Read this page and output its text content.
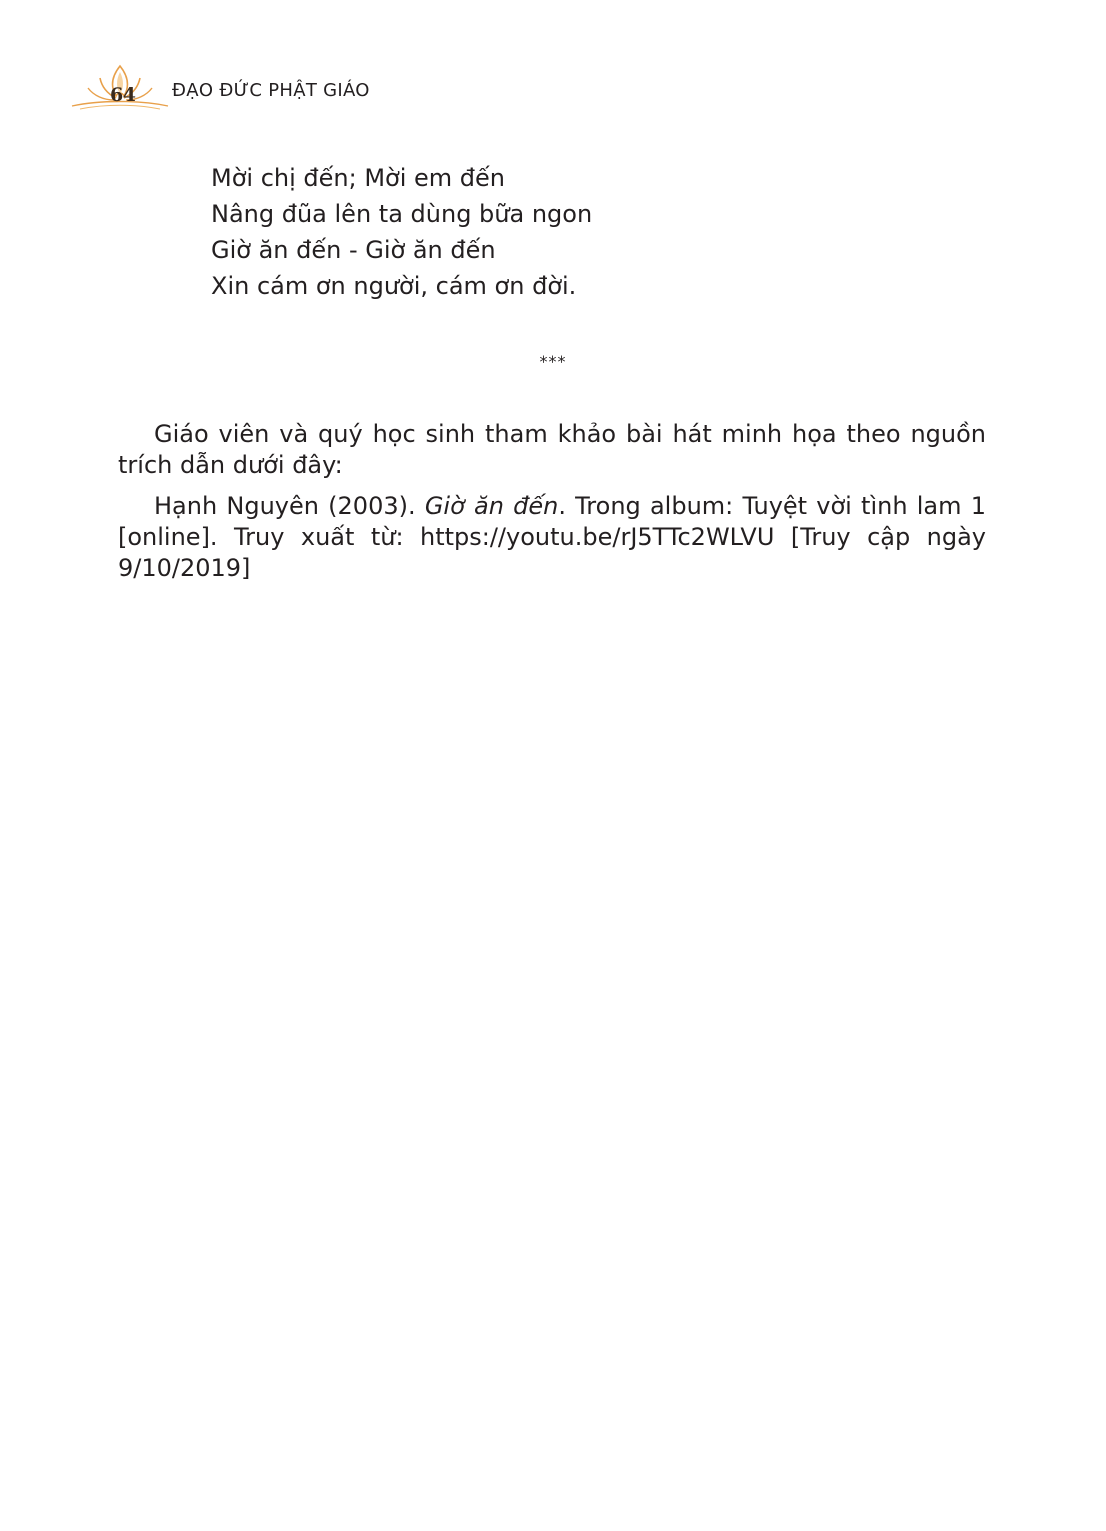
64 ĐẠO ĐỨC PHẬT GIÁO
Mời chị đến; Mời em đến
Nâng đũa lên ta dùng bữa ngon
Giờ ăn đến - Giờ ăn đến
Xin cám ơn người, cám ơn đời.
***

Giáo viên và quý học sinh tham khảo bài hát minh họa theo nguồn trích dẫn dưới đây:

Hạnh Nguyên (2003). Giờ ăn đến. Trong album: Tuyệt vời tình lam 1 [online]. Truy xuất từ: https://youtu.be/rJ5TTc2WLVU [Truy cập ngày 9/10/2019]
